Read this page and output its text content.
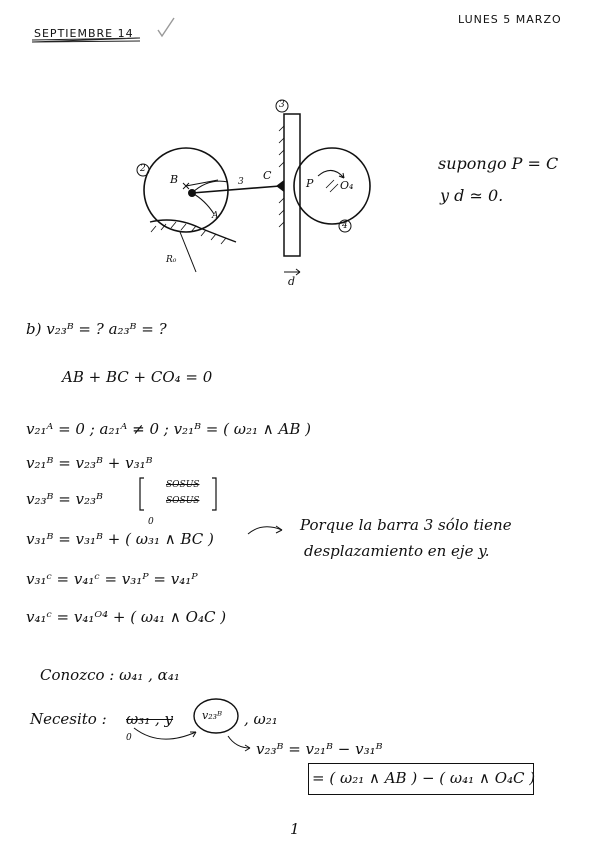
SEPTIEMBRE 14
LUNES 5 MARZO
2
B	3 C
A
R₀
3
P O₄
4
d
supongo P = C
y d ≃ 0.
b) v₂₃ᴮ = ? a₂₃ᴮ = ?
AB + BC + CO₄ = 0
v₂₁ᴬ = 0 ; a₂₁ᴬ ≠ 0 ; v₂₁ᴮ = ( ω₂₁ ∧ AB )
v₂₁ᴮ = v₂₃ᴮ + v₃₁ᴮ
v₂₃ᴮ = v₂₃ᴮ
SOSUS
SOSUS
0
v₃₁ᴮ = v₃₁ᴮ + ( ω₃₁ ∧ BC )
Porque la barra 3 sólo tiene
desplazamiento en eje y.
v₃₁ᶜ = v₄₁ᶜ = v₃₁ᴾ = v₄₁ᴾ
v₄₁ᶜ = v₄₁ᴼ⁴ + ( ω₄₁ ∧ O₄C )
Conozco : ω₄₁ , α₄₁
Necesito : ω₃₁ , y	v₂₃ᴮ , ω₂₁
0
v₂₃ᴮ = v₂₁ᴮ − v₃₁ᴮ
= ( ω₂₁ ∧ AB ) − ( ω₄₁ ∧ O₄C )
1
